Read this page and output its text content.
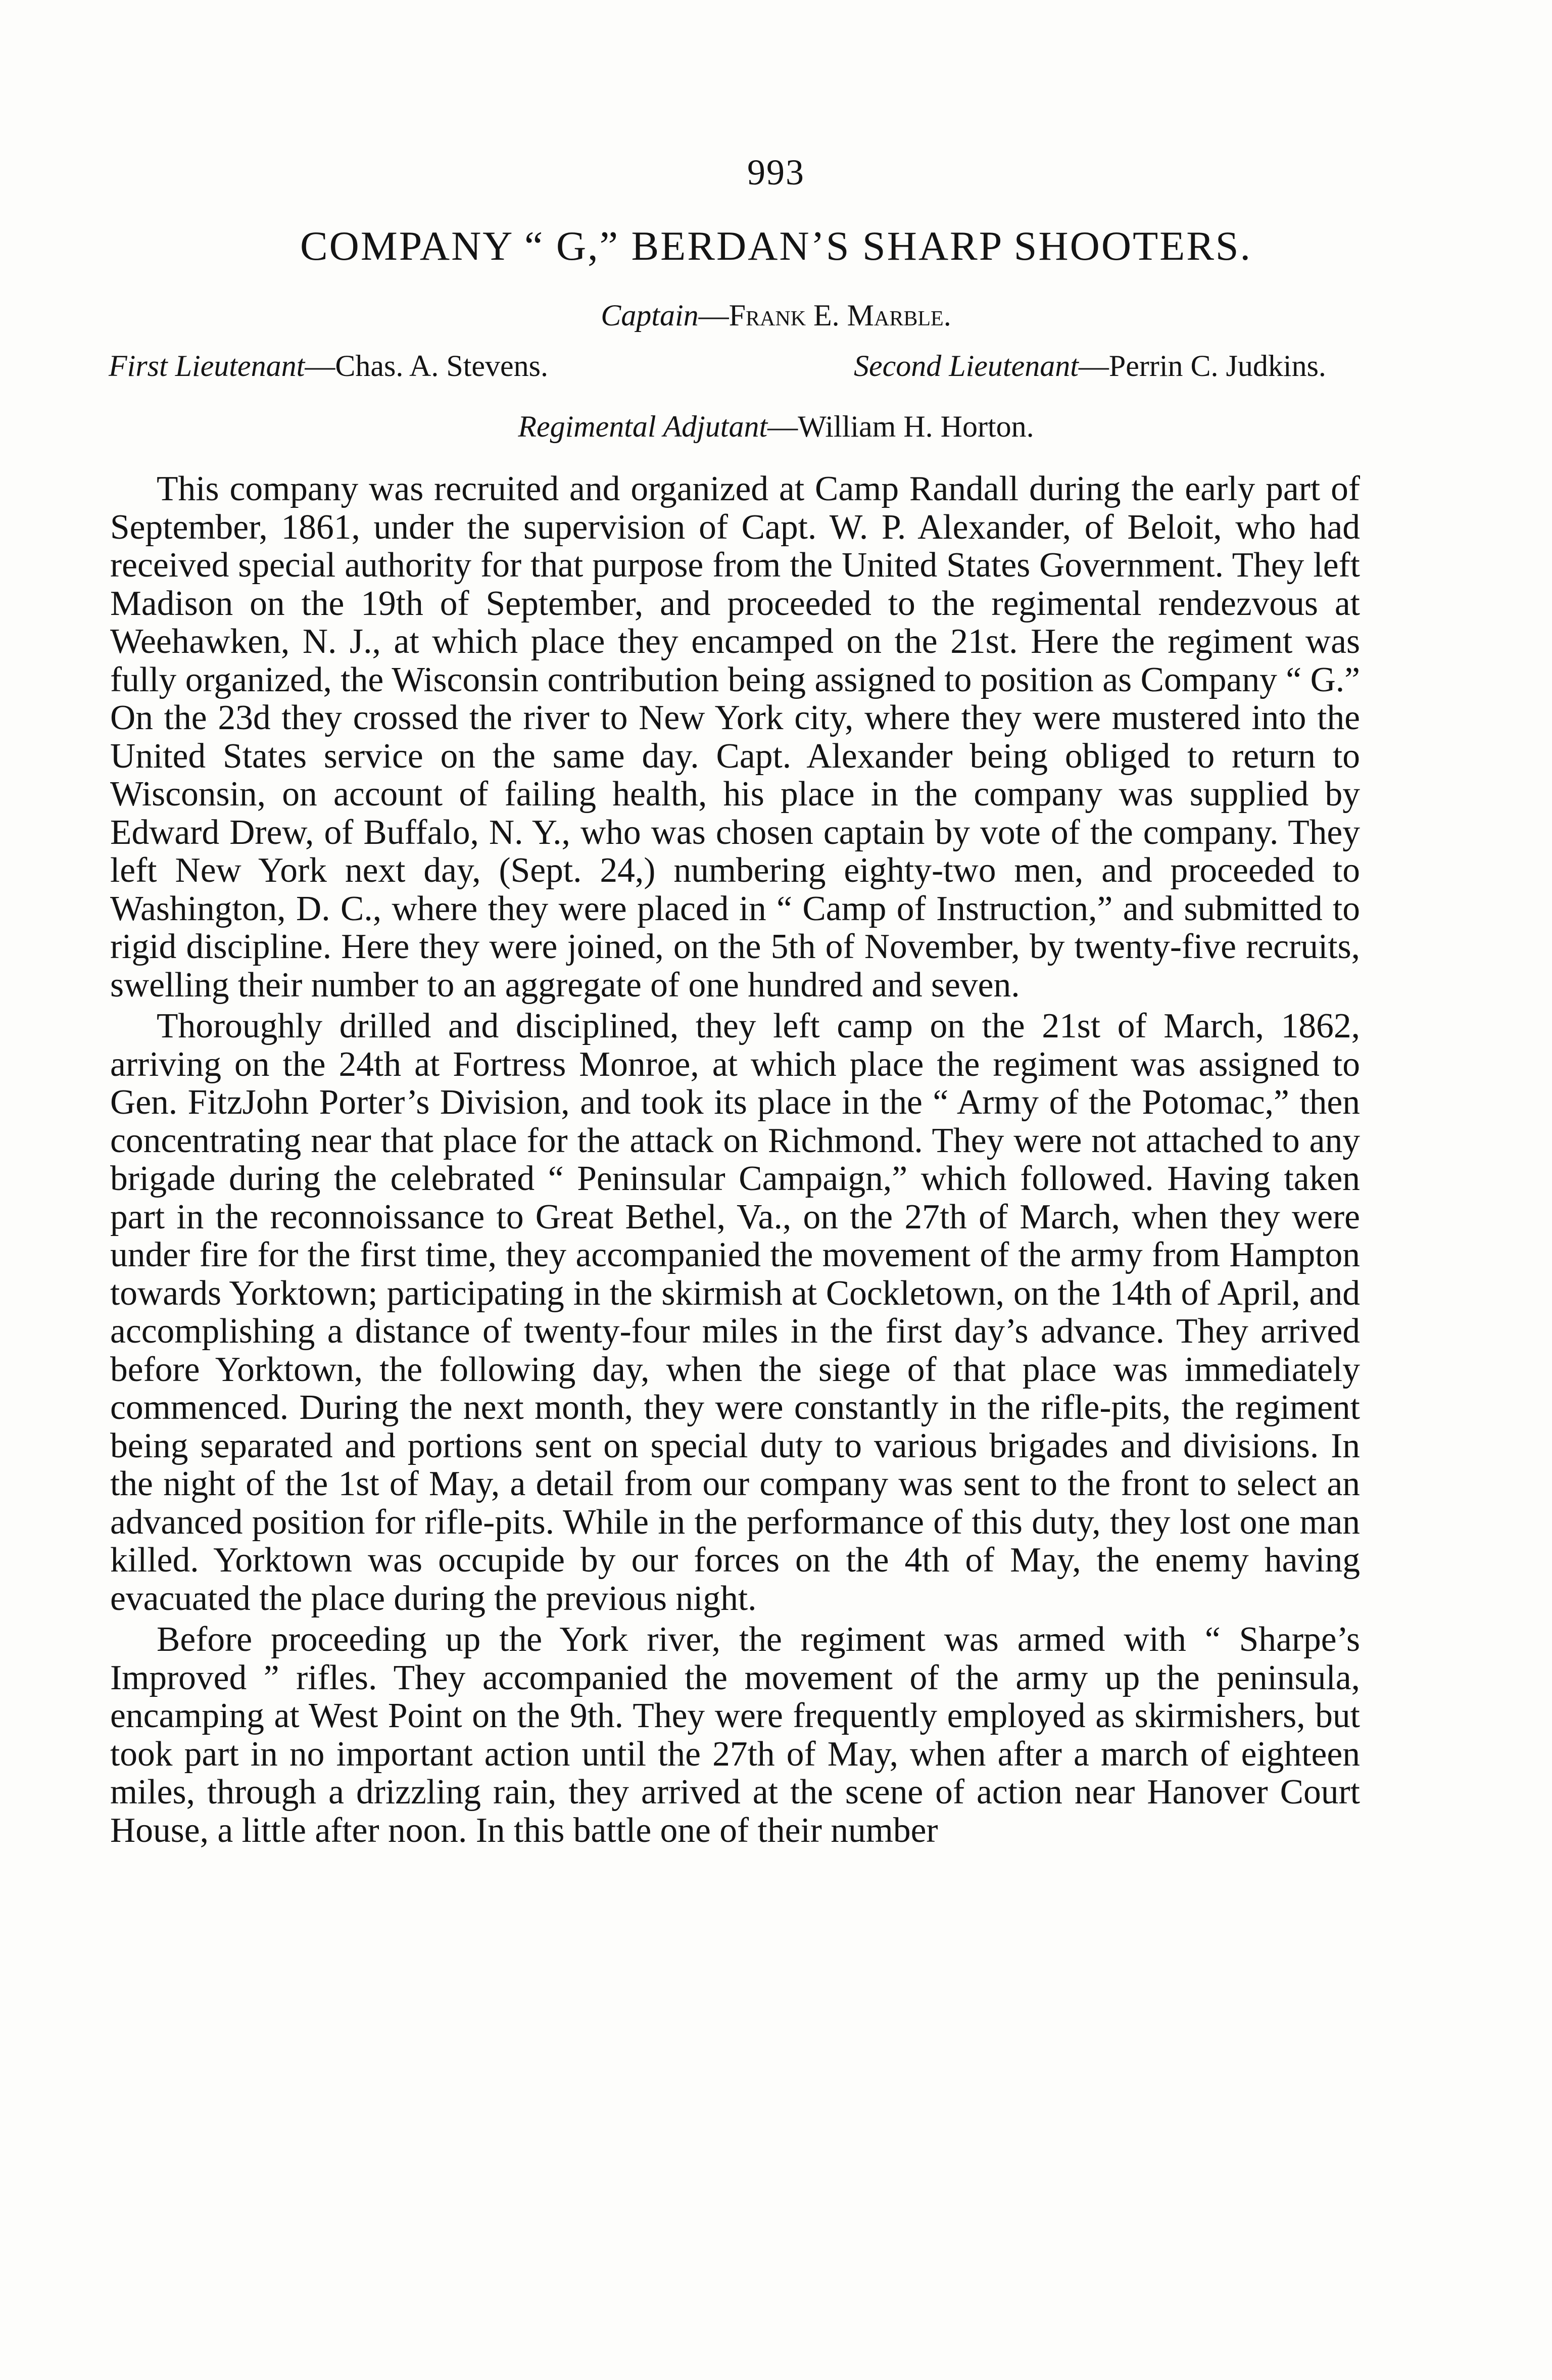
993
COMPANY “ G,” BERDAN’S SHARP SHOOTERS.
Captain—Frank E. Marble.
First Lieutenant—Chas. A. Stevens.	Second Lieutenant—Perrin C. Judkins.
Regimental Adjutant—William H. Horton.

This company was recruited and organized at Camp Randall during the early part of September, 1861, under the supervision of Capt. W. P. Alexander, of Beloit, who had received special authority for that purpose from the United States Government. They left Madison on the 19th of September, and proceeded to the regimental rendezvous at Weehawken, N. J., at which place they encamped on the 21st. Here the regiment was fully organized, the Wisconsin contribution being assigned to position as Company “ G.” On the 23d they crossed the river to New York city, where they were mustered into the United States service on the same day. Capt. Alexander being obliged to return to Wisconsin, on account of failing health, his place in the company was supplied by Edward Drew, of Buffalo, N. Y., who was chosen captain by vote of the company. They left New York next day, (Sept. 24,) numbering eighty-two men, and proceeded to Washington, D. C., where they were placed in “ Camp of Instruction,” and submitted to rigid discipline. Here they were joined, on the 5th of November, by twenty-five recruits, swelling their number to an aggregate of one hundred and seven.

Thoroughly drilled and disciplined, they left camp on the 21st of March, 1862, arriving on the 24th at Fortress Monroe, at which place the regiment was assigned to Gen. FitzJohn Porter’s Division, and took its place in the “ Army of the Potomac,” then concentrating near that place for the attack on Richmond. They were not attached to any brigade during the celebrated “ Peninsular Campaign,” which followed. Having taken part in the reconnoissance to Great Bethel, Va., on the 27th of March, when they were under fire for the first time, they accompanied the movement of the army from Hampton towards Yorktown; participating in the skirmish at Cockletown, on the 14th of April, and accomplishing a distance of twenty-four miles in the first day’s advance. They arrived before Yorktown, the following day, when the siege of that place was immediately commenced. During the next month, they were constantly in the rifle-pits, the regiment being separated and portions sent on special duty to various brigades and divisions. In the night of the 1st of May, a detail from our company was sent to the front to select an advanced position for rifle-pits. While in the performance of this duty, they lost one man killed. Yorktown was occupide by our forces on the 4th of May, the enemy having evacuated the place during the previous night.

Before proceeding up the York river, the regiment was armed with “ Sharpe’s Improved ” rifles. They accompanied the movement of the army up the peninsula, encamping at West Point on the 9th. They were frequently employed as skirmishers, but took part in no important action until the 27th of May, when after a march of eighteen miles, through a drizzling rain, they arrived at the scene of action near Hanover Court House, a little after noon. In this battle one of their number
